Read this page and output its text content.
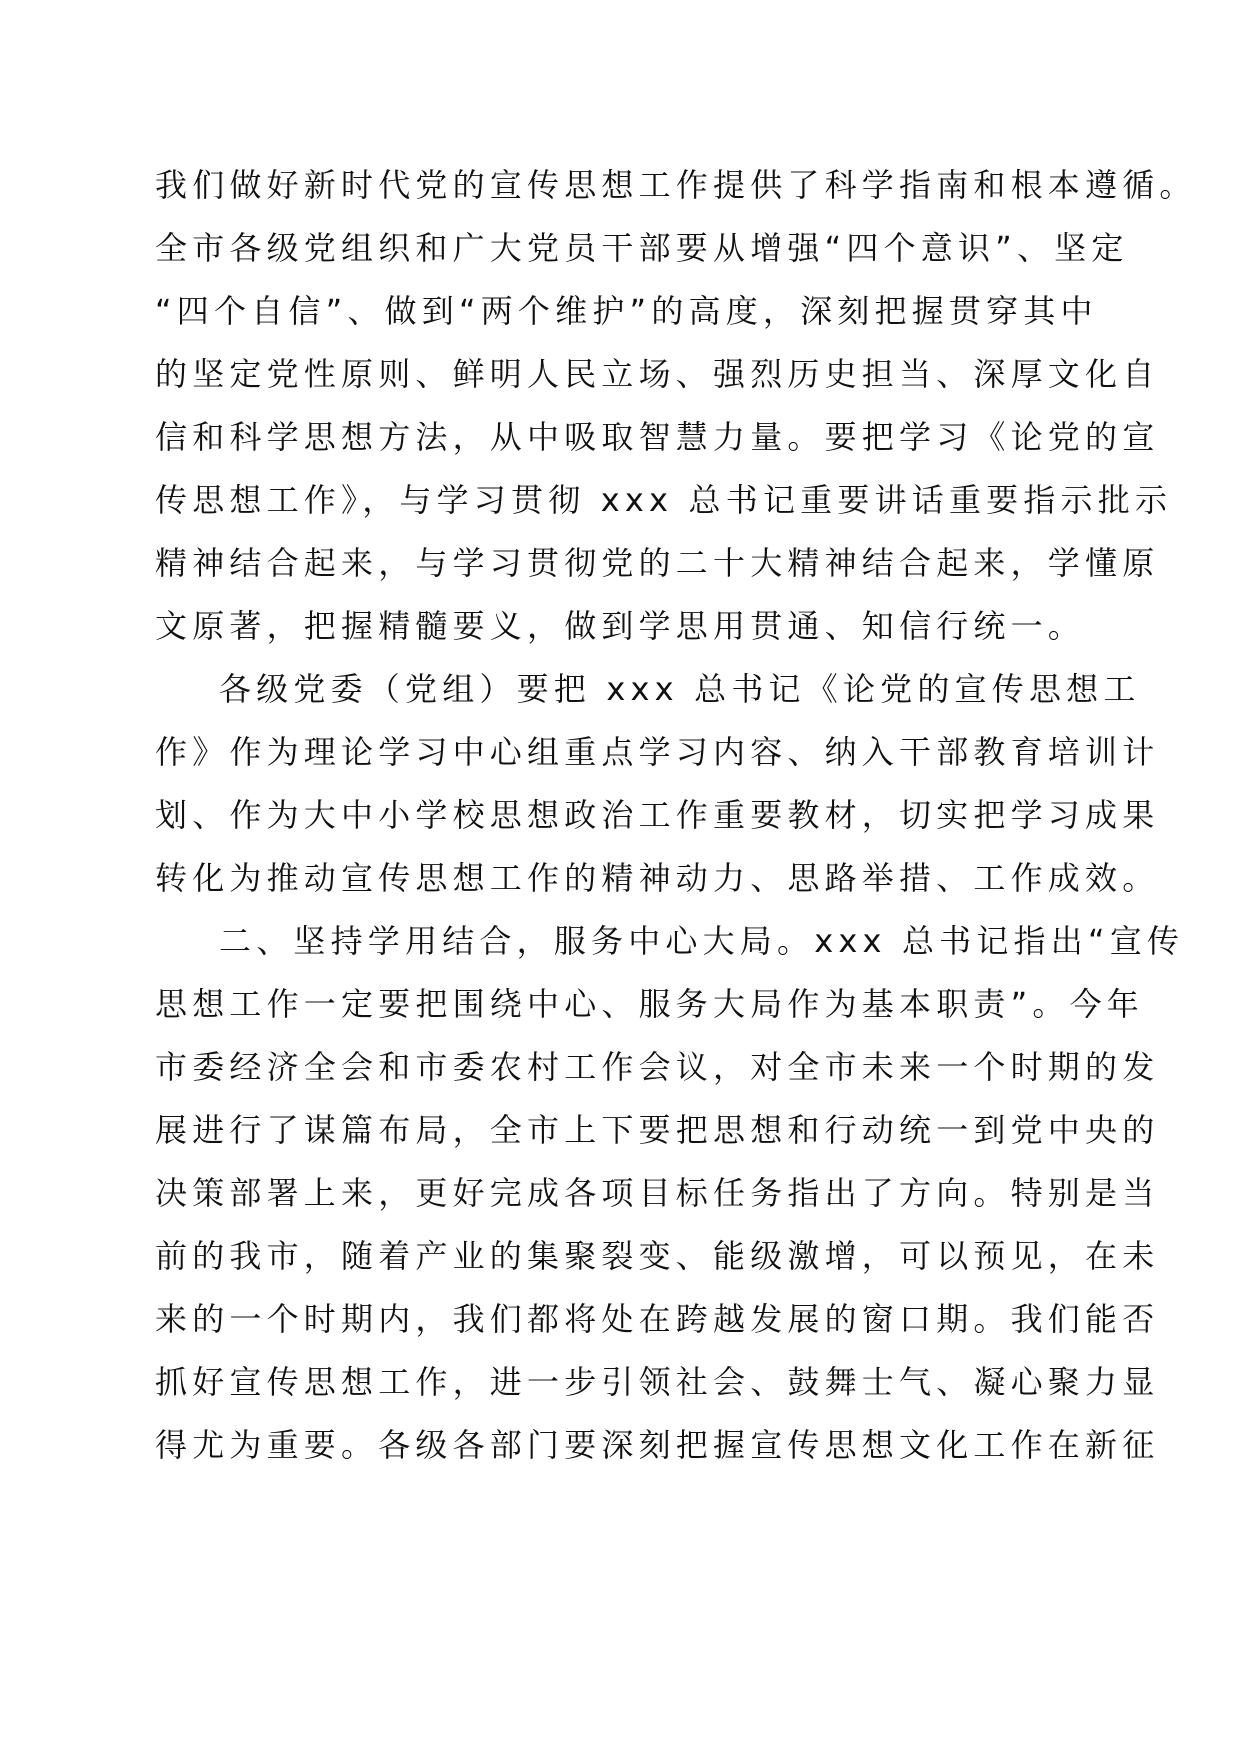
我们做好新时代党的宣传思想工作提供了科学指南和根本遵循。
全市各级党组织和广大党员干部要从增强“四个意识”、坚定
“四个自信”、做到“两个维护”的高度，深刻把握贯穿其中
的坚定党性原则、鲜明人民立场、强烈历史担当、深厚文化自
信和科学思想方法，从中吸取智慧力量。要把学习《论党的宣
传思想工作》，与学习贯彻 xxx 总书记重要讲话重要指示批示
精神结合起来，与学习贯彻党的二十大精神结合起来，学懂原
文原著，把握精髓要义，做到学思用贯通、知信行统一。
各级党委（党组）要把 xxx 总书记《论党的宣传思想工
作》作为理论学习中心组重点学习内容、纳入干部教育培训计
划、作为大中小学校思想政治工作重要教材，切实把学习成果
转化为推动宣传思想工作的精神动力、思路举措、工作成效。
二、坚持学用结合，服务中心大局。xxx 总书记指出“宣传
思想工作一定要把围绕中心、服务大局作为基本职责”。今年
市委经济全会和市委农村工作会议，对全市未来一个时期的发
展进行了谋篇布局，全市上下要把思想和行动统一到党中央的
决策部署上来，更好完成各项目标任务指出了方向。特别是当
前的我市，随着产业的集聚裂变、能级激增，可以预见，在未
来的一个时期内，我们都将处在跨越发展的窗口期。我们能否
抓好宣传思想工作，进一步引领社会、鼓舞士气、凝心聚力显
得尤为重要。各级各部门要深刻把握宣传思想文化工作在新征
